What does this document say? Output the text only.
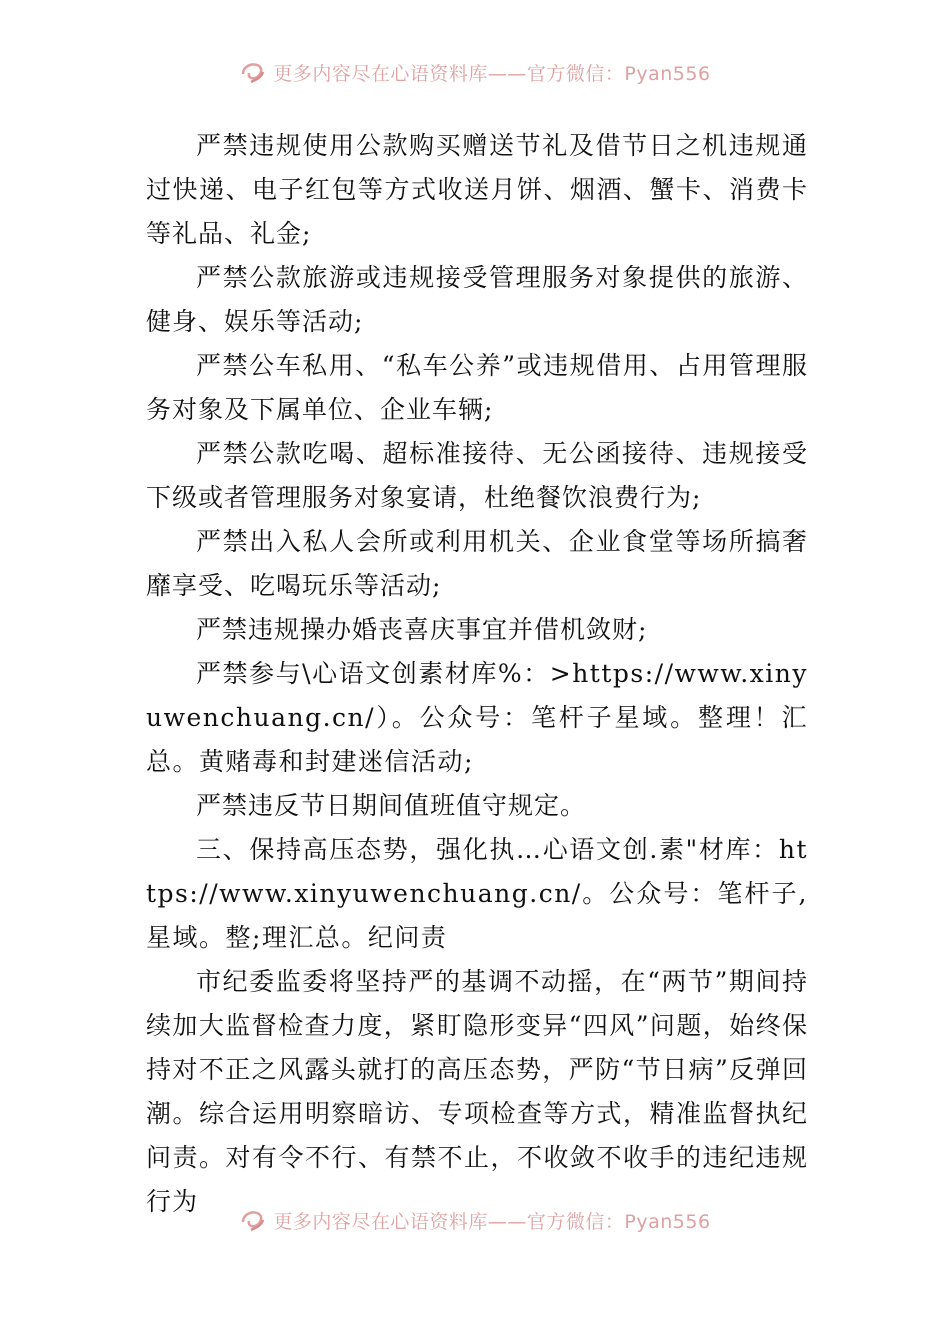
更多内容尽在心语资料库——官方微信：Pyan556

严禁违规使用公款购买赠送节礼及借节日之机违规通过快递、电子红包等方式收送月饼、烟酒、蟹卡、消费卡等礼品、礼金;

严禁公款旅游或违规接受管理服务对象提供的旅游、健身、娱乐等活动;

严禁公车私用、“私车公养”或违规借用、占用管理服务对象及下属单位、企业车辆;

严禁公款吃喝、超标准接待、无公函接待、违规接受下级或者管理服务对象宴请，杜绝餐饮浪费行为;

严禁出入私人会所或利用机关、企业食堂等场所搞奢靡享受、吃喝玩乐等活动;

严禁违规操办婚丧喜庆事宜并借机敛财;

严禁参与\心语文创素材库%：>https://www.xinyuwenchuang.cn/）。公众号：笔杆子星域。整理！汇总。黄赌毒和封建迷信活动;

严禁违反节日期间值班值守规定。

三、保持高压态势，强化执…心语文创.素"材库：https://www.xinyuwenchuang.cn/。公众号：笔杆子,星域。整;理汇总。纪问责

市纪委监委将坚持严的基调不动摇，在“两节”期间持续加大监督检查力度，紧盯隐形变异“四风”问题，始终保持对不正之风露头就打的高压态势，严防“节日病”反弹回潮。综合运用明察暗访、专项检查等方式，精准监督执纪问责。对有令不行、有禁不止，不收敛不收手的违纪违规行为

更多内容尽在心语资料库——官方微信：Pyan556
